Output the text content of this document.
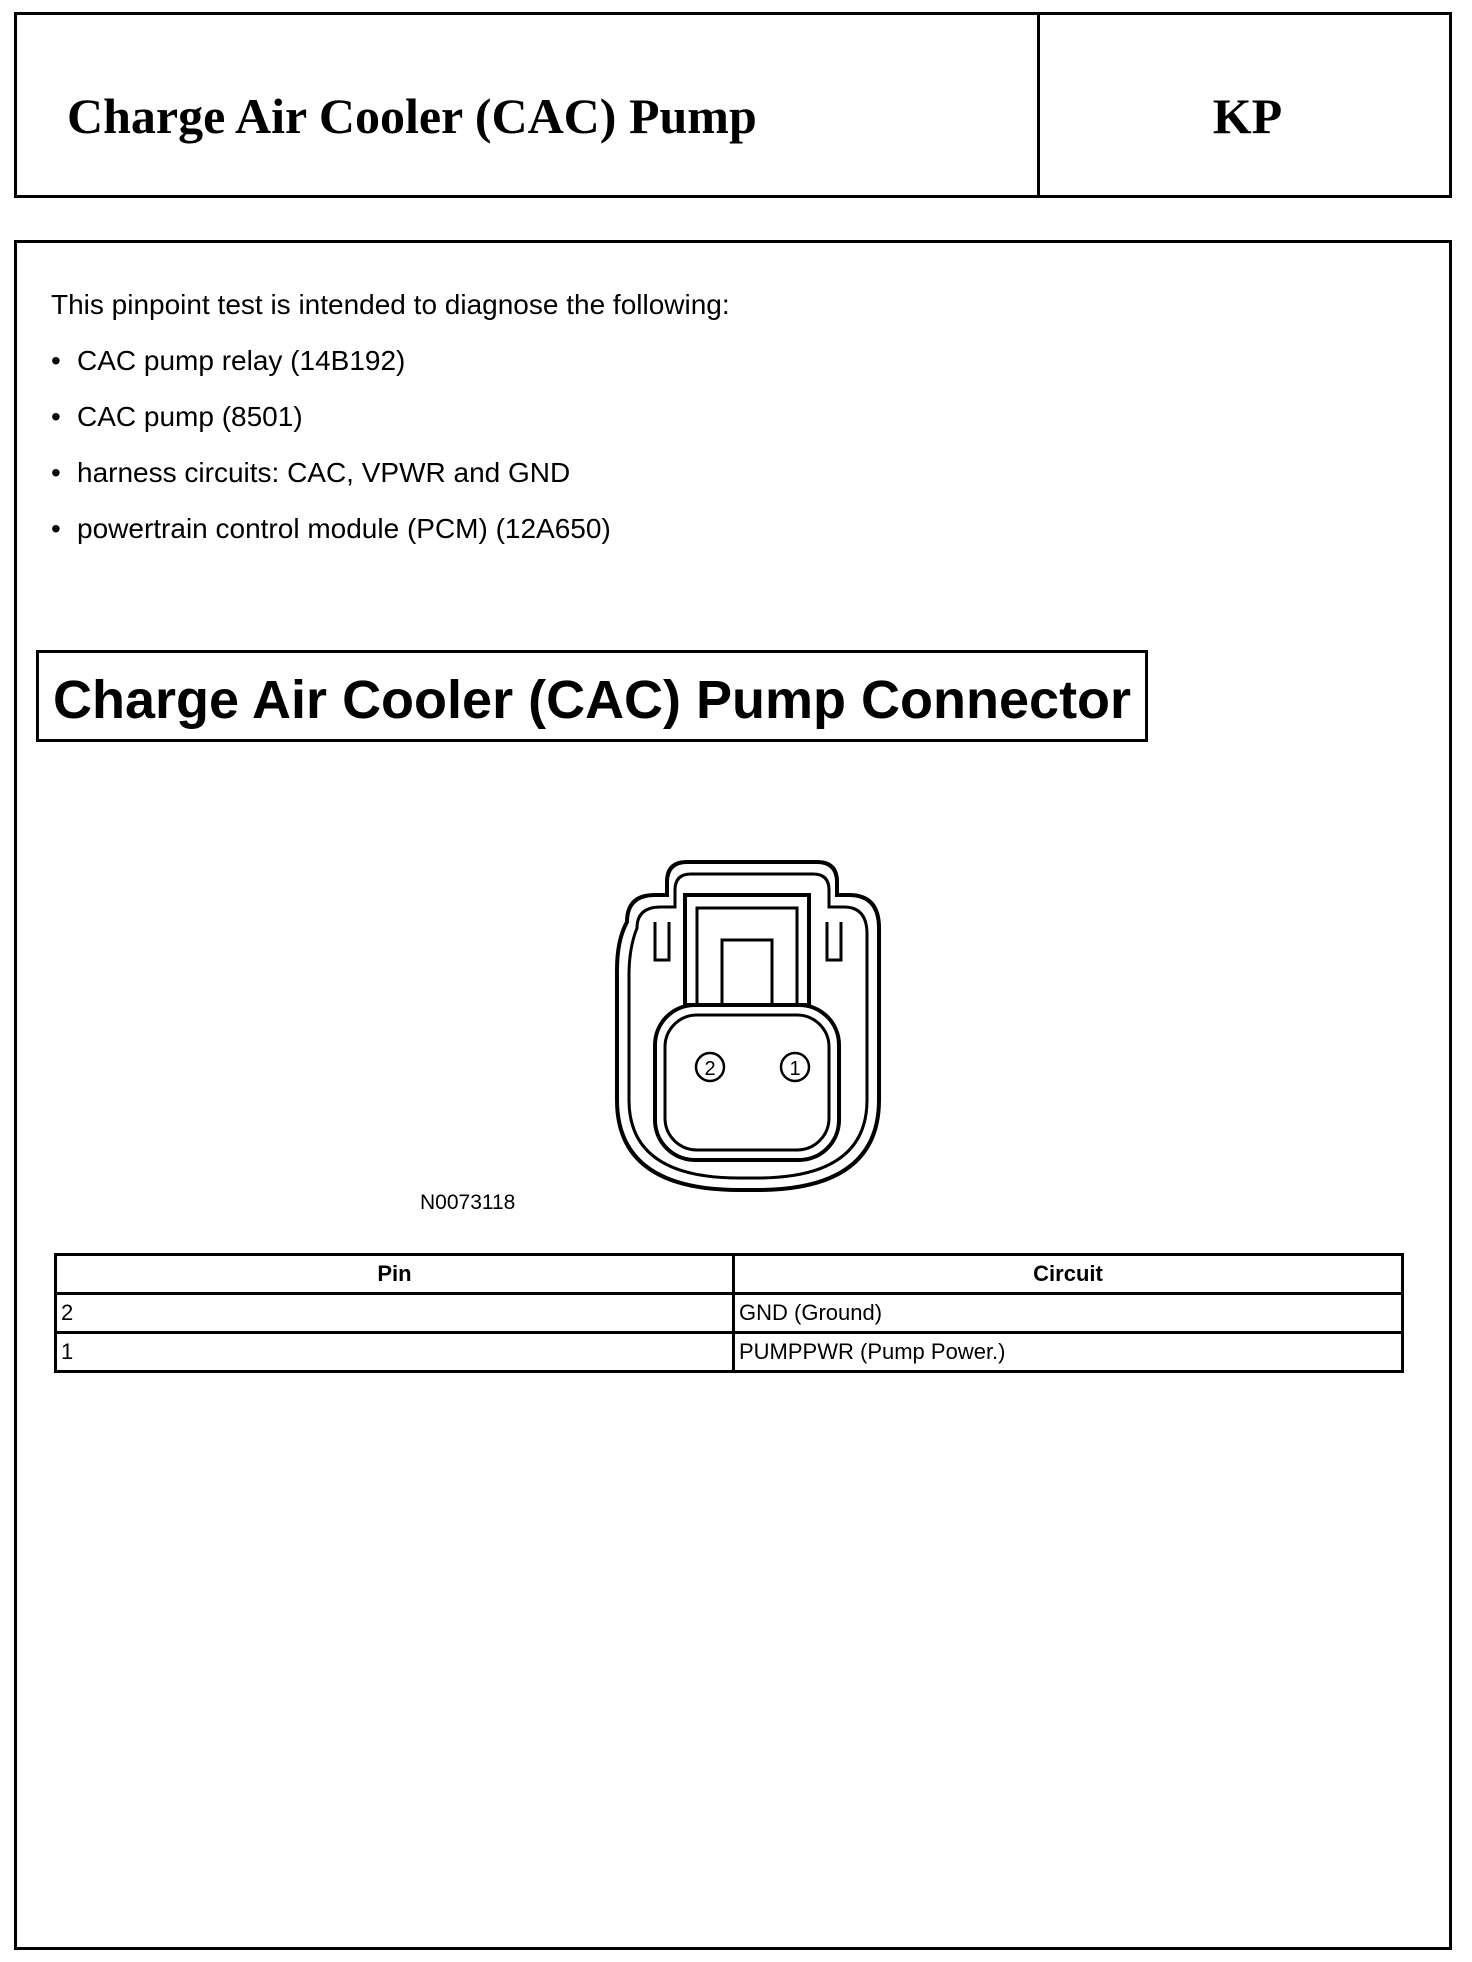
Charge Air Cooler (CAC) Pump	KP
This pinpoint test is intended to diagnose the following:
• CAC pump relay (14B192)
• CAC pump (8501)
• harness circuits: CAC, VPWR and GND
• powertrain control module (PCM) (12A650)
Charge Air Cooler (CAC) Pump Connector
2	1
N0073118
Pin	Circuit
2	GND (Ground)
1	PUMPPWR (Pump Power.)
